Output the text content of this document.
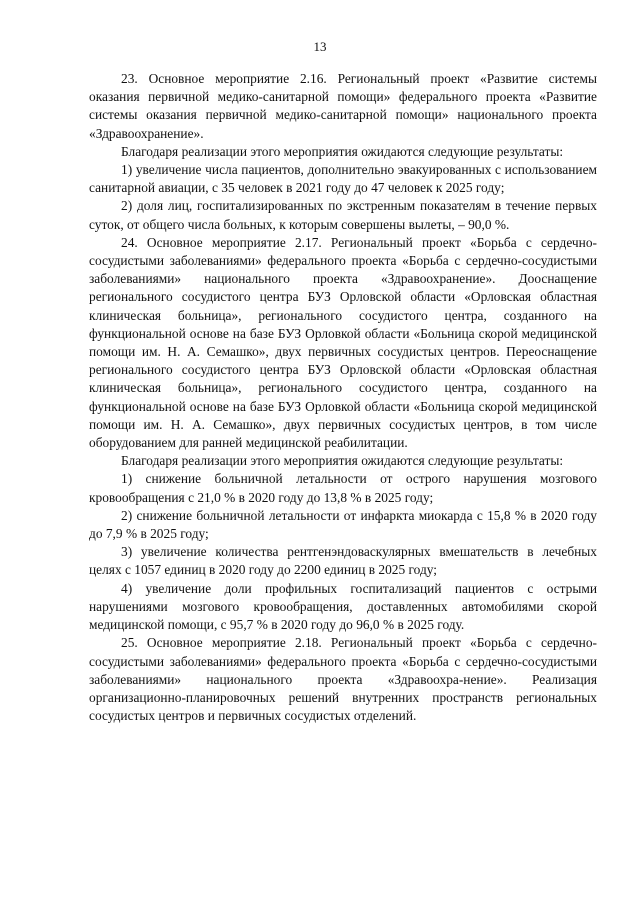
13

23. Основное мероприятие 2.16. Региональный проект «Развитие системы оказания первичной медико-санитарной помощи» федерального проекта «Развитие системы оказания первичной медико-санитарной помощи» национального проекта «Здравоохранение».

Благодаря реализации этого мероприятия ожидаются следующие результаты:

1) увеличение числа пациентов, дополнительно эвакуированных с использованием санитарной авиации, с 35 человек в 2021 году до 47 человек к 2025 году;

2) доля лиц, госпитализированных по экстренным показателям в течение первых суток, от общего числа больных, к которым совершены вылеты, – 90,0 %.

24. Основное мероприятие 2.17. Региональный проект «Борьба с сердечно-сосудистыми заболеваниями» федерального проекта «Борьба с сердечно-сосудистыми заболеваниями» национального проекта «Здравоохранение». Дооснащение регионального сосудистого центра БУЗ Орловской области «Орловская областная клиническая больница», регионального сосудистого центра, созданного на функциональной основе на базе БУЗ Орловкой области «Больница скорой медицинской помощи им. Н. А. Семашко», двух первичных сосудистых центров. Переоснащение регионального сосудистого центра БУЗ Орловской области «Орловская областная клиническая больница», регионального сосудистого центра, созданного на функциональной основе на базе БУЗ Орловкой области «Больница скорой медицинской помощи им. Н. А. Семашко», двух первичных сосудистых центров, в том числе оборудованием для ранней медицинской реабилитации.

Благодаря реализации этого мероприятия ожидаются следующие результаты:

1) снижение больничной летальности от острого нарушения мозгового кровообращения с 21,0 % в 2020 году до 13,8 % в 2025 году;

2) снижение больничной летальности от инфаркта миокарда с 15,8 % в 2020 году до 7,9 % в 2025 году;

3) увеличение количества рентгенэндоваскулярных вмешательств в лечебных целях с 1057 единиц в 2020 году до 2200 единиц в 2025 году;

4) увеличение доли профильных госпитализаций пациентов с острыми нарушениями мозгового кровообращения, доставленных автомобилями скорой медицинской помощи, с 95,7 % в 2020 году до 96,0 % в 2025 году.

25. Основное мероприятие 2.18. Региональный проект «Борьба с сердечно-сосудистыми заболеваниями» федерального проекта «Борьба с сердечно-сосудистыми заболеваниями» национального проекта «Здравоохра-нение». Реализация организационно-планировочных решений внутренних пространств региональных сосудистых центров и первичных сосудистых отделений.
